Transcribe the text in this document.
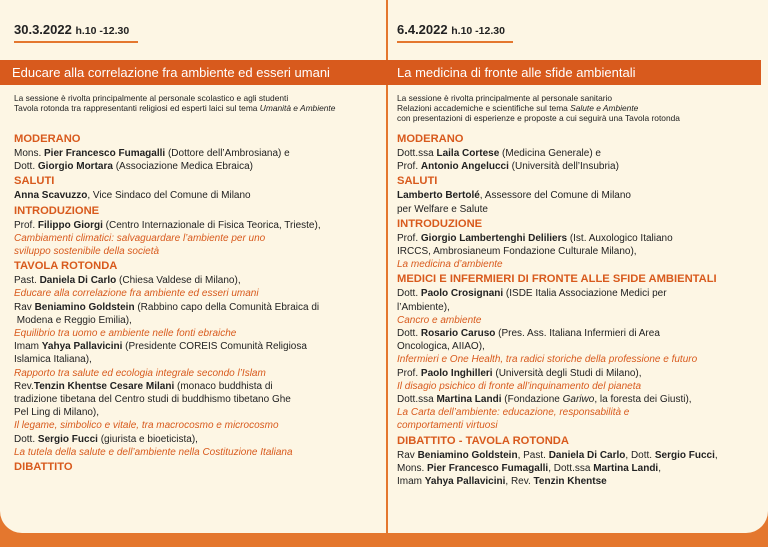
30.3.2022 h.10 -12.30
Educare alla correlazione fra ambiente ed esseri umani
La sessione è rivolta principalmente al personale scolastico e agli studenti
Tavola rotonda tra rappresentanti religiosi ed esperti laici sul tema Umanità e Ambiente
MODERANO
Mons. Pier Francesco Fumagalli (Dottore dell’Ambrosiana) e
Dott. Giorgio Mortara (Associazione Medica Ebraica)
SALUTI
Anna Scavuzzo, Vice Sindaco del Comune di Milano
INTRODUZIONE
Prof. Filippo Giorgi (Centro Internazionale di Fisica Teorica, Trieste),
Cambiamenti climatici: salvaguardare l’ambiente per uno
sviluppo sostenibile della società
TAVOLA ROTONDA
Past. Daniela Di Carlo (Chiesa Valdese di Milano),
Educare alla correlazione fra ambiente ed esseri umani
Rav Beniamino Goldstein (Rabbino capo della Comunità Ebraica di
Modena e Reggio Emilia),
Equilibrio tra uomo e ambiente nelle fonti ebraiche
Imam Yahya Pallavicini (Presidente COREIS Comunità Religiosa
Islamica Italiana),
Rapporto tra salute ed ecologia integrale secondo l’Islam
Rev.Tenzin Khentse Cesare Milani (monaco buddhista di
tradizione tibetana del Centro studi di buddhismo tibetano Ghe
Pel Ling di Milano),
Il legame, simbolico e vitale, tra macrocosmo e microcosmo
Dott. Sergio Fucci (giurista e bioeticista),
La tutela della salute e dell’ambiente nella Costituzione Italiana
DIBATTITO
6.4.2022 h.10 -12.30
La medicina di fronte alle sfide ambientali
La sessione è rivolta principalmente al personale sanitario
Relazioni accademiche e scientifiche sul tema Salute e Ambiente
con presentazioni di esperienze e proposte a cui seguirà una Tavola rotonda
MODERANO
Dott.ssa Laila Cortese (Medicina Generale) e
Prof. Antonio Angelucci (Università dell’Insubria)
SALUTI
Lamberto Bertolé, Assessore del Comune di Milano
per Welfare e Salute
INTRODUZIONE
Prof. Giorgio Lambertenghi Deliliers (Ist. Auxologico Italiano
IRCCS, Ambrosianeum Fondazione Culturale Milano),
La medicina d’ambiente
MEDICI E INFERMIERI DI FRONTE ALLE SFIDE AMBIENTALI
Dott. Paolo Crosignani (ISDE Italia Associazione Medici per
l’Ambiente),
Cancro e ambiente
Dott. Rosario Caruso (Pres. Ass. Italiana Infermieri di Area
Oncologica, AIIAO),
Infermieri e One Health, tra radici storiche della professione e futuro
Prof. Paolo Inghilleri (Università degli Studi di Milano),
Il disagio psichico di fronte all’inquinamento del pianeta
Dott.ssa Martina Landi (Fondazione Gariwo, la foresta dei Giusti),
La Carta dell’ambiente: educazione, responsabilità e
comportamenti virtuosi
DIBATTITO - TAVOLA ROTONDA
Rav Beniamino Goldstein, Past. Daniela Di Carlo, Dott. Sergio Fucci,
Mons. Pier Francesco Fumagalli, Dott.ssa Martina Landi,
Imam Yahya Pallavicini, Rev. Tenzin Khentse
